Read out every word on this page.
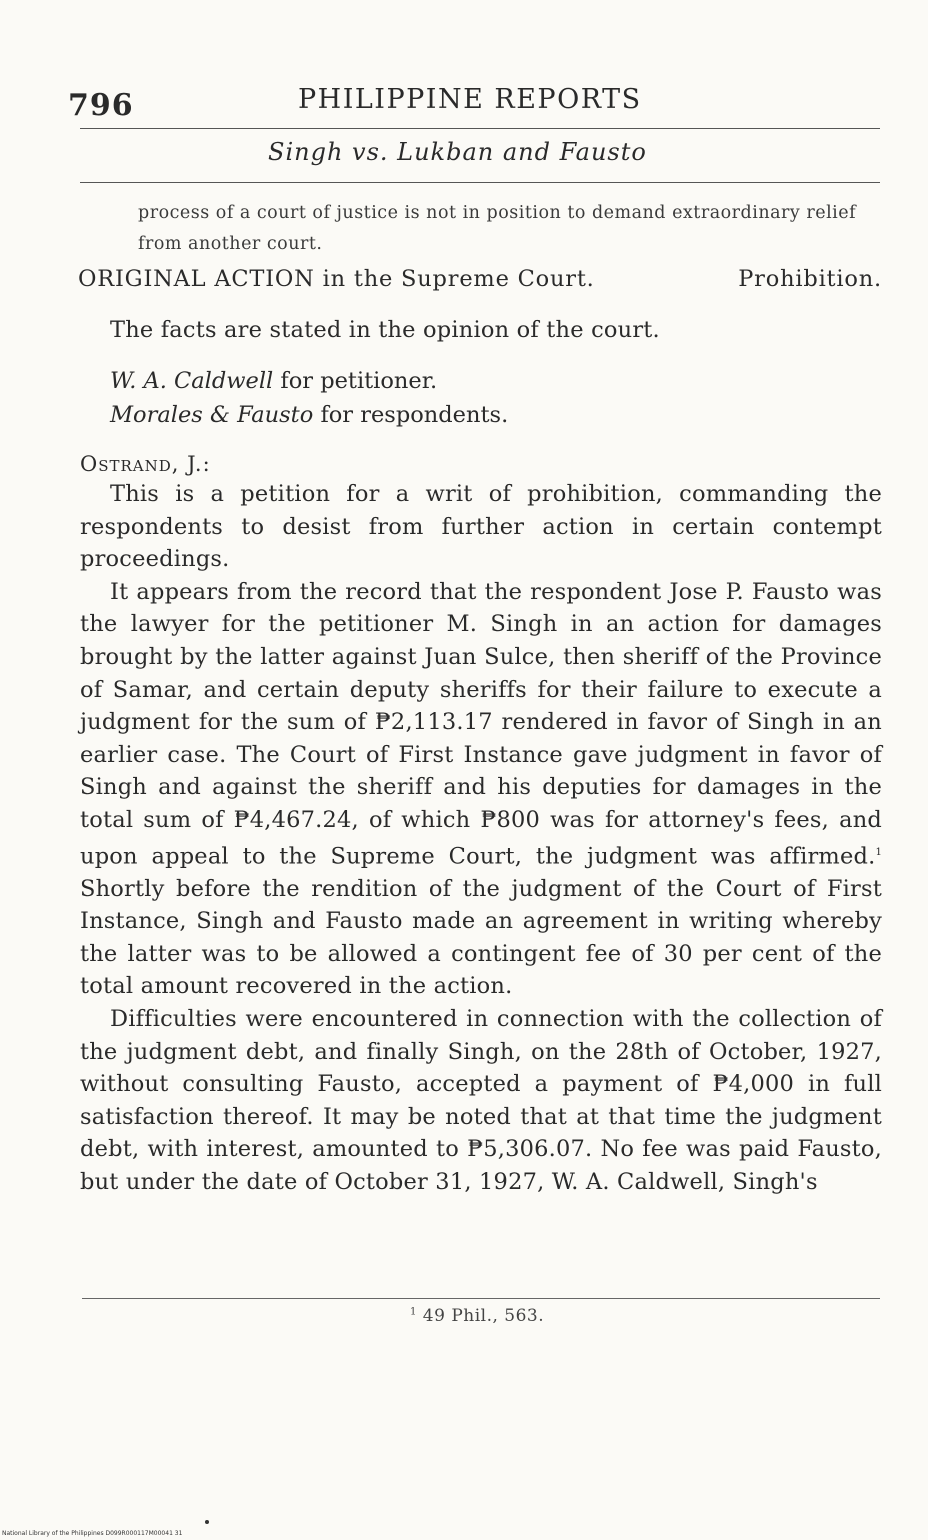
796	PHILIPPINE REPORTS
Singh vs. Lukban and Fausto
process of a court of justice is not in position to demand extraordinary relief from another court.
ORIGINAL ACTION in the Supreme Court.	Prohibition.
The facts are stated in the opinion of the court.
W. A. Caldwell for petitioner.
Morales & Fausto for respondents.
Ostrand, J.:

This is a petition for a writ of prohibition, commanding the respondents to desist from further action in certain contempt proceedings.

It appears from the record that the respondent Jose P. Fausto was the lawyer for the petitioner M. Singh in an action for damages brought by the latter against Juan Sulce, then sheriff of the Province of Samar, and certain deputy sheriffs for their failure to execute a judgment for the sum of ₱2,113.17 rendered in favor of Singh in an earlier case. The Court of First Instance gave judgment in favor of Singh and against the sheriff and his deputies for damages in the total sum of ₱4,467.24, of which ₱800 was for attorney's fees, and upon appeal to the Supreme Court, the judgment was affirmed.$^1$ Shortly before the rendition of the judgment of the Court of First Instance, Singh and Fausto made an agreement in writing whereby the latter was to be allowed a contingent fee of 30 per cent of the total amount recovered in the action.

Difficulties were encountered in connection with the collection of the judgment debt, and finally Singh, on the 28th of October, 1927, without consulting Fausto, accepted a payment of ₱4,000 in full satisfaction thereof. It may be noted that at that time the judgment debt, with interest, amounted to ₱5,306.07. No fee was paid Fausto, but under the date of October 31, 1927, W. A. Caldwell, Singh's

$^1$ 49 Phil., 563.
National Library of the Philippines D099R000117M00041 31
